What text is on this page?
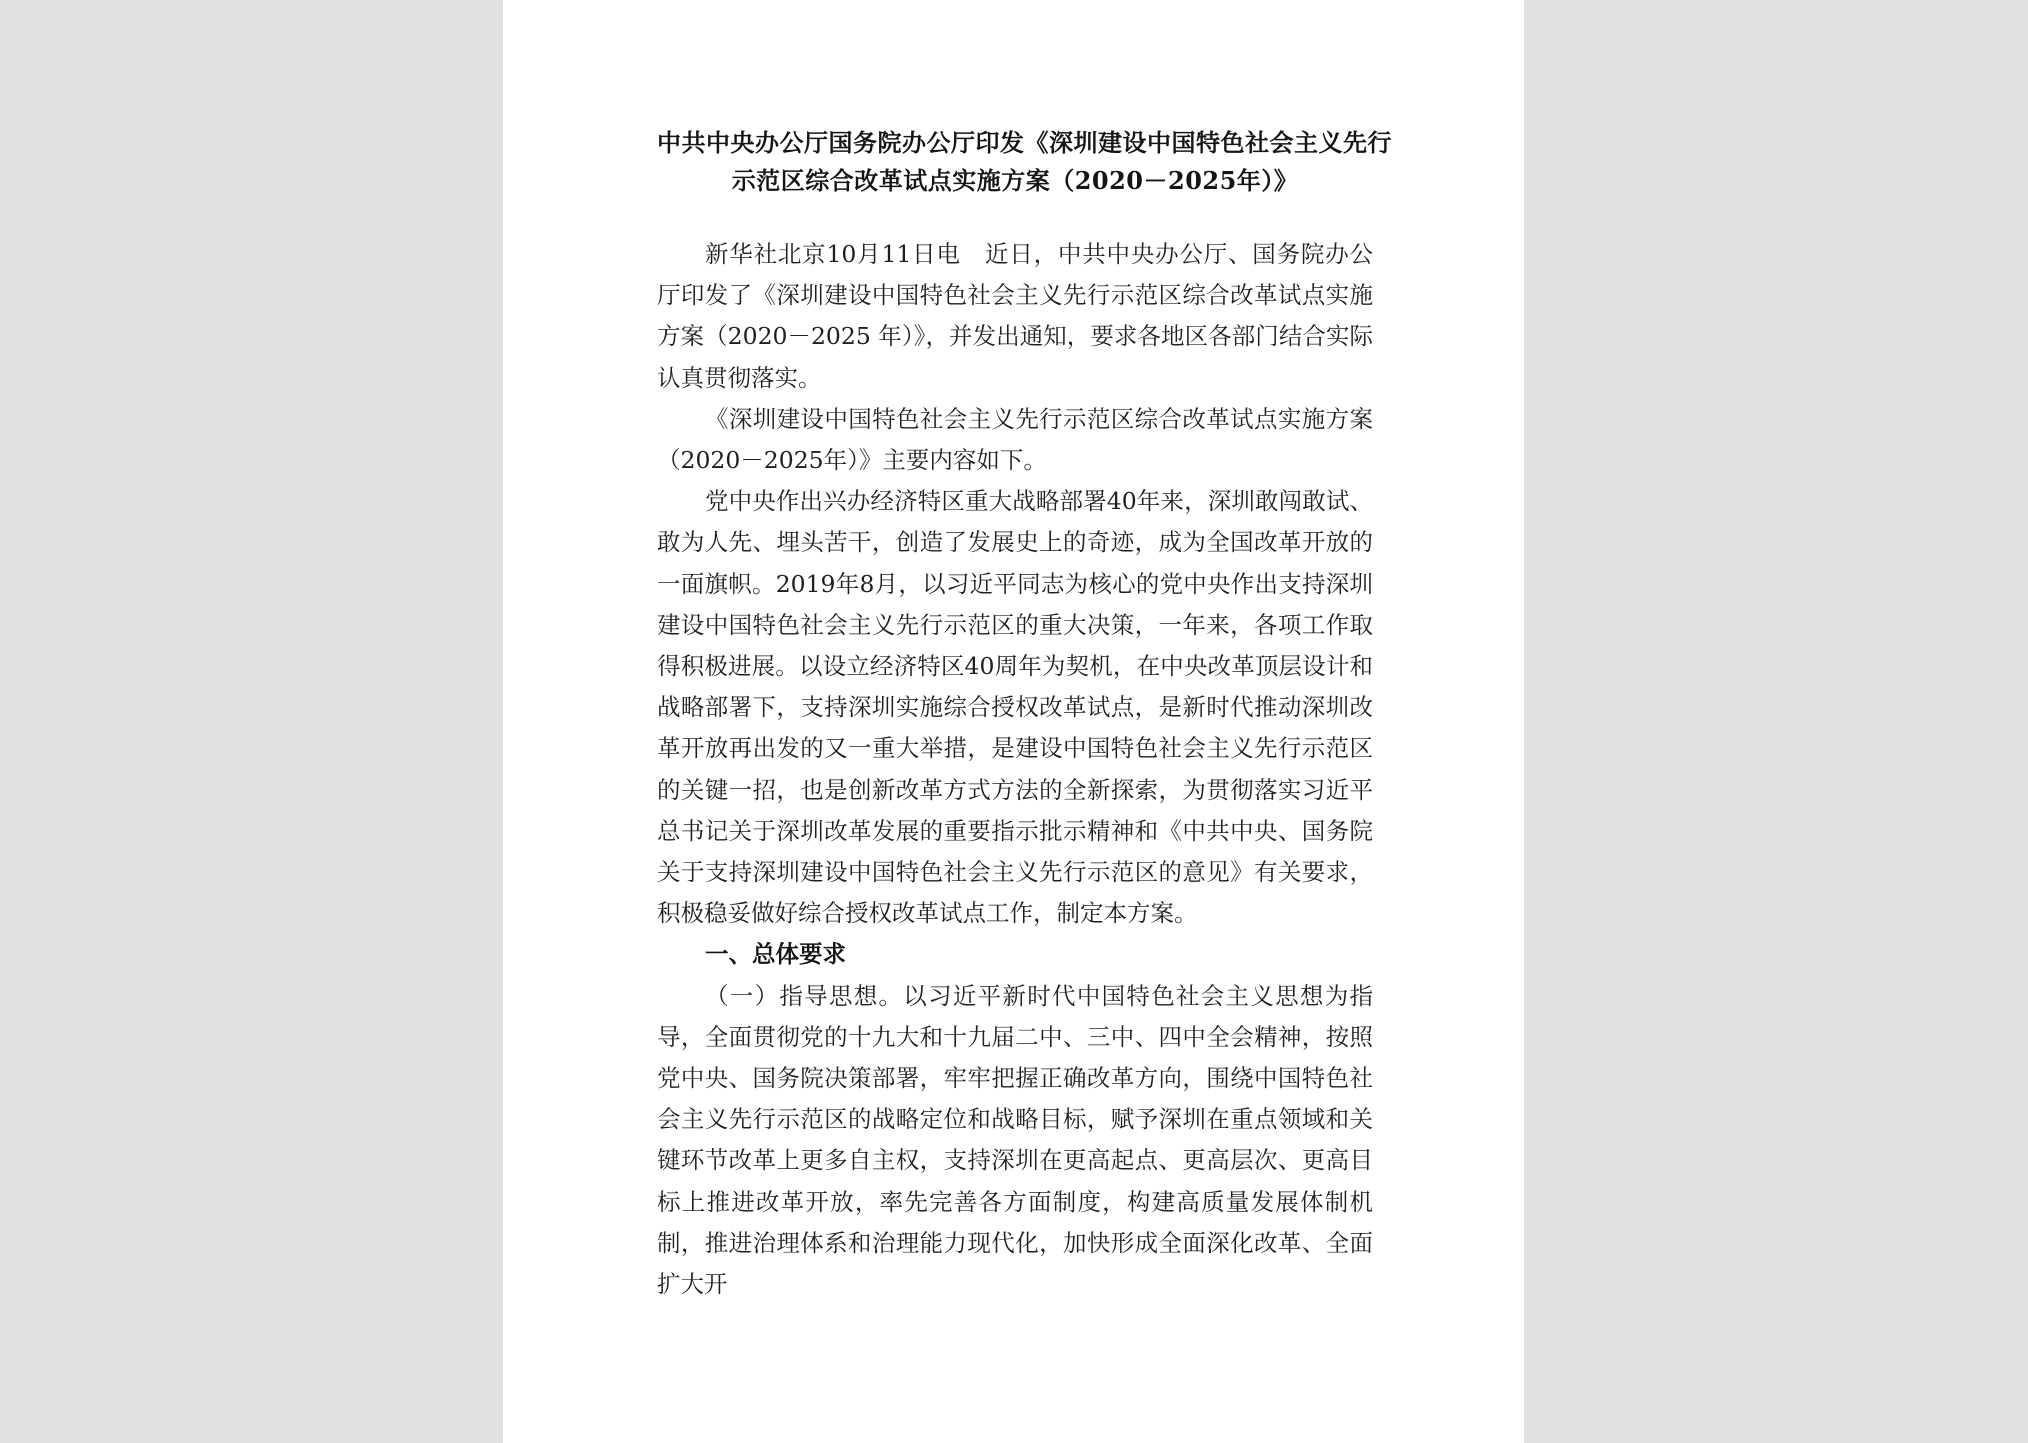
中共中央办公厅国务院办公厅印发《深圳建设中国特色社会主义先行
示范区综合改革试点实施方案（2020－2025年）》

新华社北京10月11日电　近日，中共中央办公厅、国务院办公厅印发了《深圳建设中国特色社会主义先行示范区综合改革试点实施方案（2020－2025 年）》，并发出通知，要求各地区各部门结合实际认真贯彻落实。

《深圳建设中国特色社会主义先行示范区综合改革试点实施方案（2020－2025年）》主要内容如下。

党中央作出兴办经济特区重大战略部署40年来，深圳敢闯敢试、敢为人先、埋头苦干，创造了发展史上的奇迹，成为全国改革开放的一面旗帜。2019年8月，以习近平同志为核心的党中央作出支持深圳建设中国特色社会主义先行示范区的重大决策，一年来，各项工作取得积极进展。以设立经济特区40周年为契机，在中央改革顶层设计和战略部署下，支持深圳实施综合授权改革试点，是新时代推动深圳改革开放再出发的又一重大举措，是建设中国特色社会主义先行示范区的关键一招，也是创新改革方式方法的全新探索，为贯彻落实习近平总书记关于深圳改革发展的重要指示批示精神和《中共中央、国务院关于支持深圳建设中国特色社会主义先行示范区的意见》有关要求，积极稳妥做好综合授权改革试点工作，制定本方案。

一、总体要求

（一）指导思想。以习近平新时代中国特色社会主义思想为指导，全面贯彻党的十九大和十九届二中、三中、四中全会精神，按照党中央、国务院决策部署，牢牢把握正确改革方向，围绕中国特色社会主义先行示范区的战略定位和战略目标，赋予深圳在重点领域和关键环节改革上更多自主权，支持深圳在更高起点、更高层次、更高目标上推进改革开放，率先完善各方面制度，构建高质量发展体制机制，推进治理体系和治理能力现代化，加快形成全面深化改革、全面扩大开
